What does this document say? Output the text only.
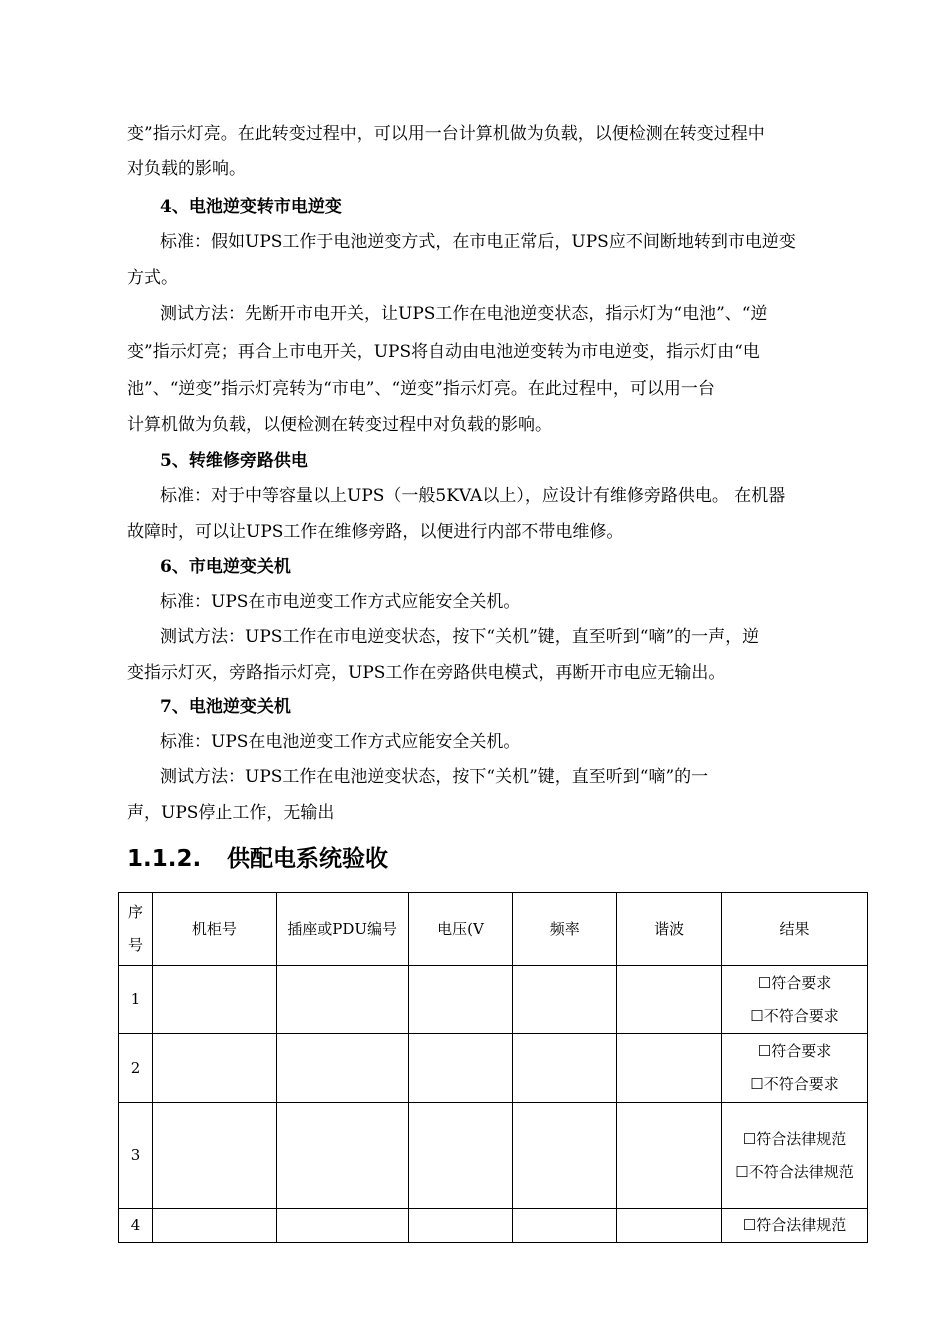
变”指示灯亮。在此转变过程中，可以用一台计算机做为负载，以便检测在转变过程中
对负载的影响。
4、电池逆变转市电逆变
标准：假如UPS工作于电池逆变方式，在市电正常后，UPS应不间断地转到市电逆变
方式。
测试方法：先断开市电开关，让UPS工作在电池逆变状态，指示灯为“电池”、“逆
变”指示灯亮；再合上市电开关，UPS将自动由电池逆变转为市电逆变，指示灯由“电
池”、“逆变”指示灯亮转为“市电”、“逆变”指示灯亮。在此过程中，可以用一台
计算机做为负载，以便检测在转变过程中对负载的影响。
5、转维修旁路供电
标准：对于中等容量以上UPS（一般5KVA以上），应设计有维修旁路供电。 在机器
故障时，可以让UPS工作在维修旁路，以便进行内部不带电维修。
6、市电逆变关机
标准：UPS在市电逆变工作方式应能安全关机。
测试方法：UPS工作在市电逆变状态，按下“关机”键，直至听到“嘀”的一声，逆
变指示灯灭，旁路指示灯亮，UPS工作在旁路供电模式，再断开市电应无输出。
7、电池逆变关机
标准：UPS在电池逆变工作方式应能安全关机。
测试方法：UPS工作在电池逆变状态，按下“关机”键，直至听到“嘀”的一
声，UPS停止工作，无输出
1.1.2. 供配电系统验收
序号	机柜号	插座或PDU编号	电压(V	频率	谐波	结果
1						☐符合要求
☐不符合要求

2						☐符合要求
☐不符合要求

3						☐符合法律规范
☐不符合法律规范

4						☐符合法律规范
